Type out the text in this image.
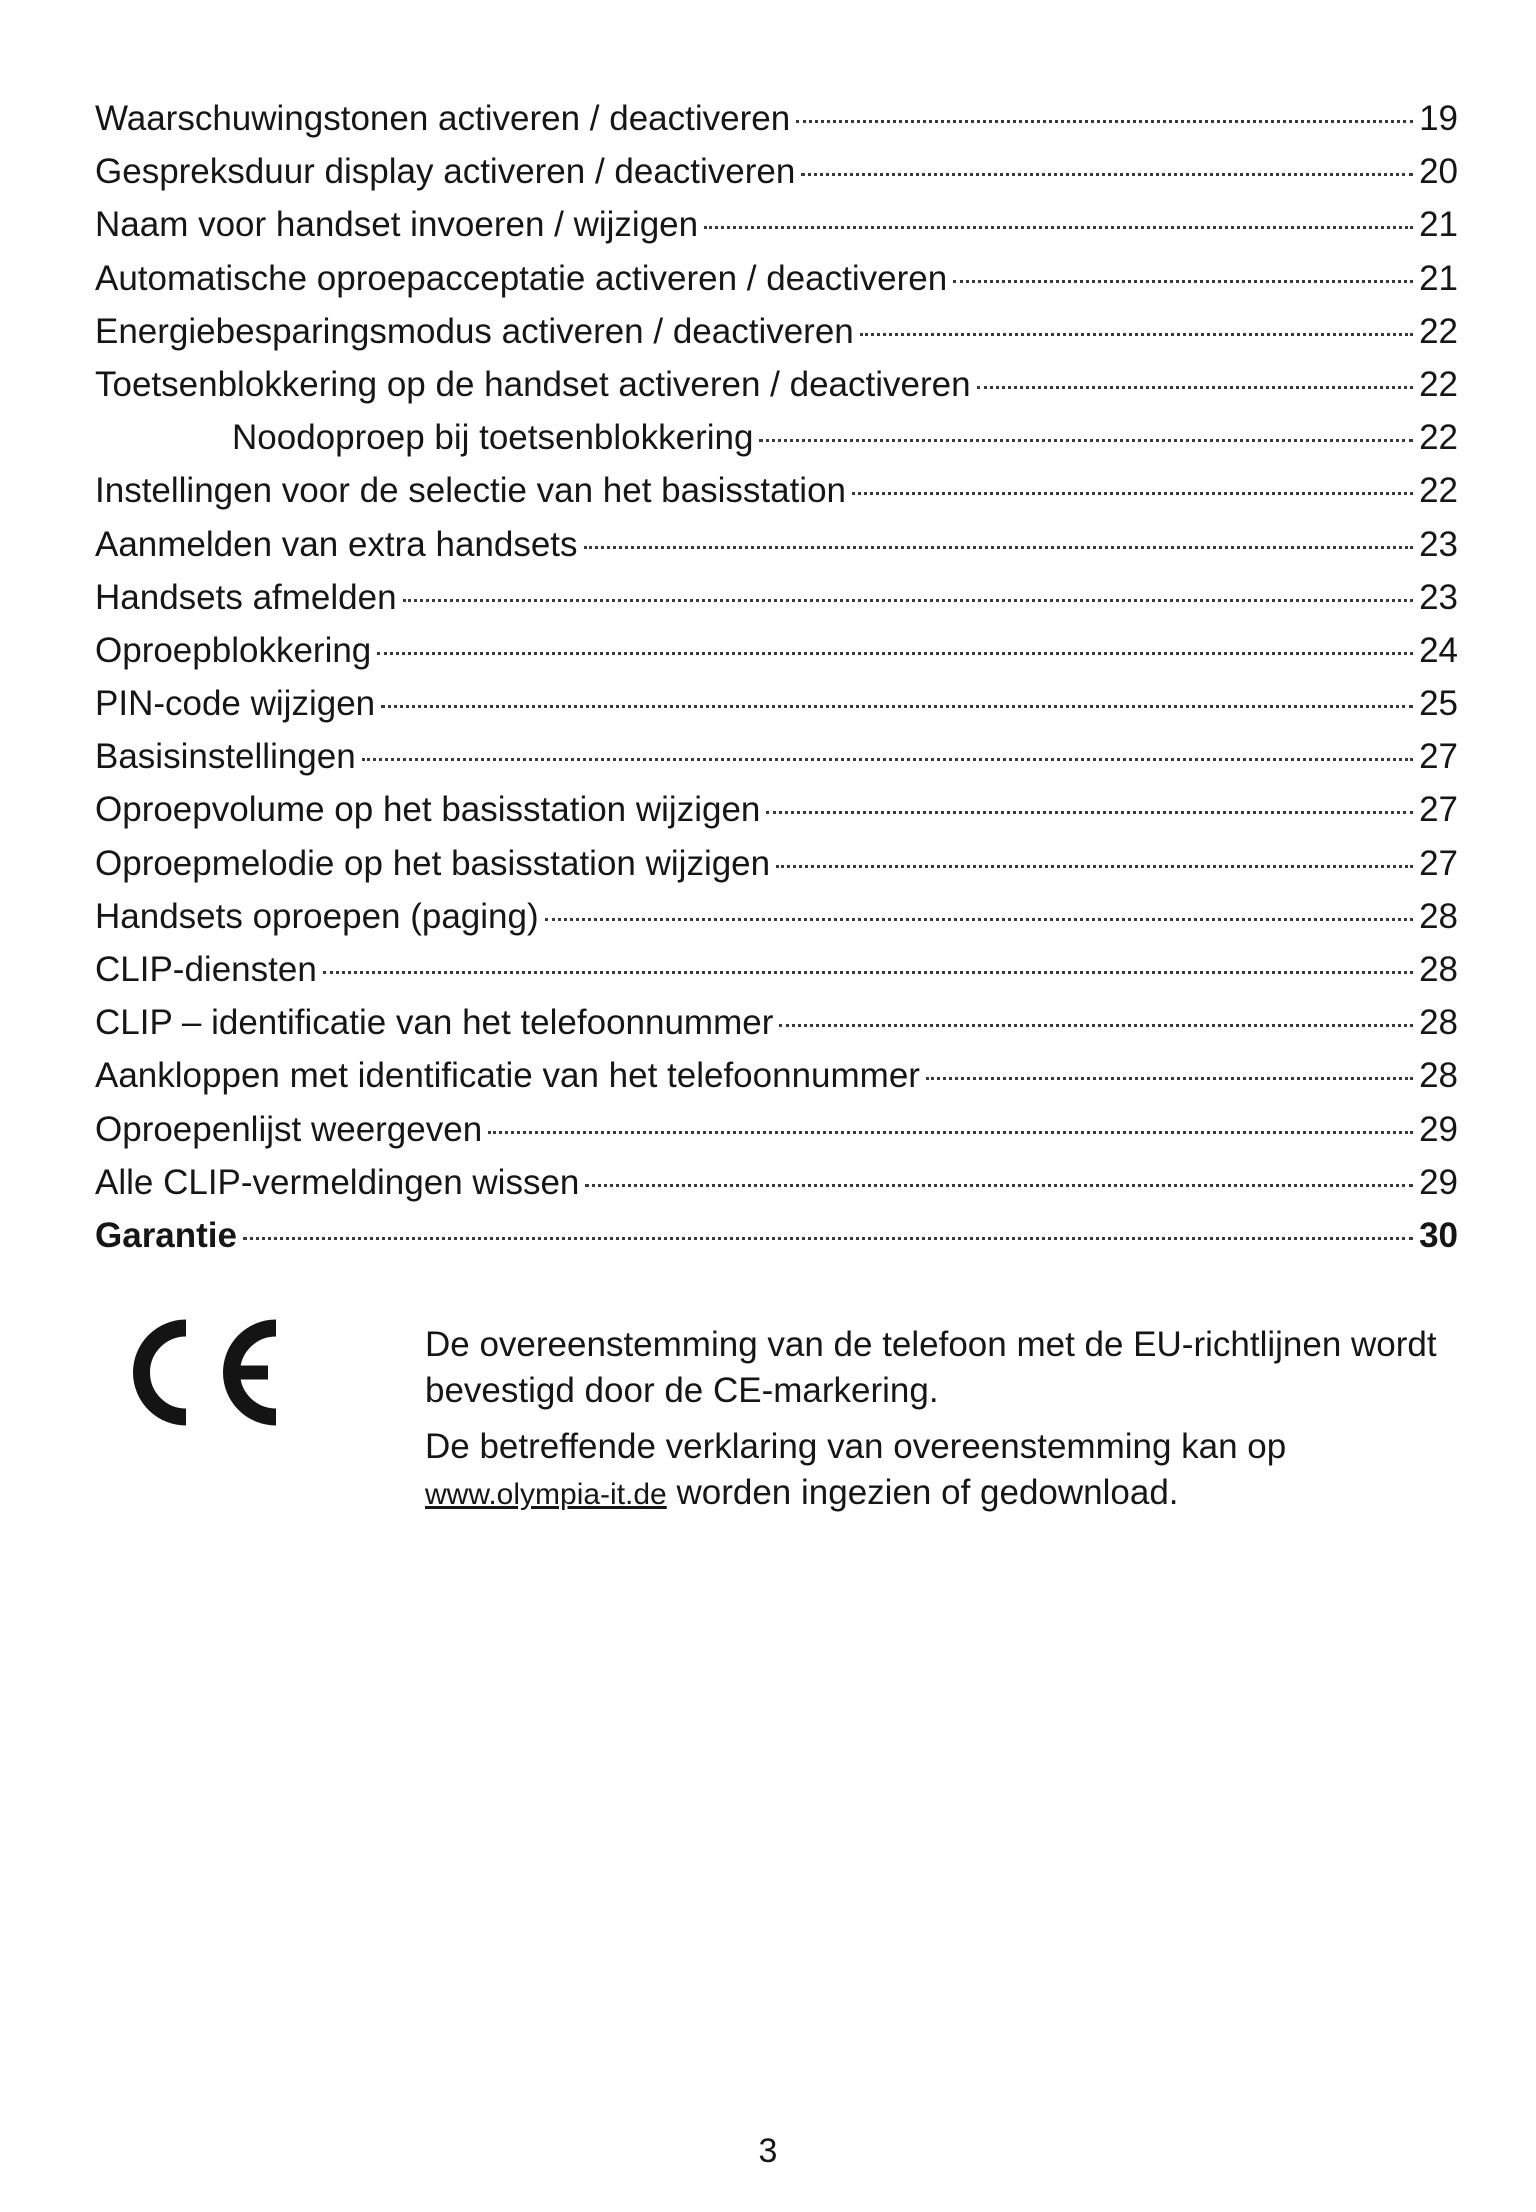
Waarschuwingstonen activeren / deactiveren	19
Gespreksduur display activeren / deactiveren	20
Naam voor handset invoeren / wijzigen	21
Automatische oproepacceptatie activeren / deactiveren	21
Energiebesparingsmodus activeren / deactiveren	22
Toetsenblokkering op de handset activeren / deactiveren	22
Noodoproep bij toetsenblokkering	22
Instellingen voor de selectie van het basisstation	22
Aanmelden van extra handsets	23
Handsets afmelden	23
Oproepblokkering	24
PIN-code wijzigen	25
Basisinstellingen	27
Oproepvolume op het basisstation wijzigen	27
Oproepmelodie op het basisstation wijzigen	27
Handsets oproepen (paging)	28
CLIP-diensten	28
CLIP – identificatie van het telefoonnummer	28
Aankloppen met identificatie van het telefoonnummer	28
Oproepenlijst weergeven	29
Alle CLIP-vermeldingen wissen	29
Garantie	30

De overeenstemming van de telefoon met de EU-richtlijnen wordt bevestigd door de CE-markering.

De betreffende verklaring van overeenstemming kan op www.olympia-it.de worden ingezien of gedownload.

3
